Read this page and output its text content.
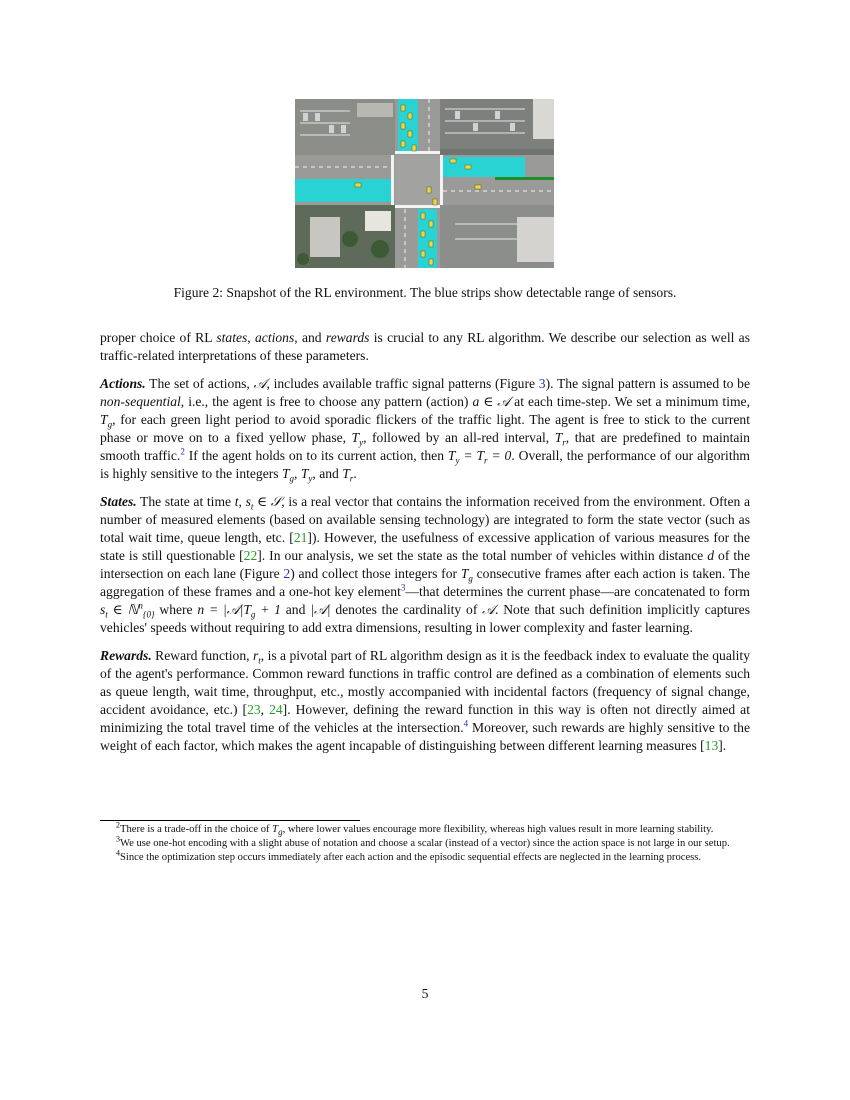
Figure 2: Snapshot of the RL environment. The blue strips show detectable range of sensors.

proper choice of RL states, actions, and rewards is crucial to any RL algorithm. We describe our selection as well as traffic-related interpretations of these parameters.

Actions. The set of actions, 𝒜, includes available traffic signal patterns (Figure 3). The signal pattern is assumed to be non-sequential, i.e., the agent is free to choose any pattern (action) a ∈ 𝒜 at each time-step. We set a minimum time, $T_g$, for each green light period to avoid sporadic flickers of the traffic light. The agent is free to stick to the current phase or move on to a fixed yellow phase, $T_y$, followed by an all-red interval, $T_r$, that are predefined to maintain smooth traffic.$^2$ If the agent holds on to its current action, then $T_y = T_r = 0$. Overall, the performance of our algorithm is highly sensitive to the integers $T_g$, $T_y$, and $T_r$.

States. The state at time t, $s_t$ ∈ 𝒮, is a real vector that contains the information received from the environment. Often a number of measured elements (based on available sensing technology) are integrated to form the state vector (such as total wait time, queue length, etc. [21]). However, the usefulness of excessive application of various measures for the state is still questionable [22]. In our analysis, we set the state as the total number of vehicles within distance d of the intersection on each lane (Figure 2) and collect those integers for $T_g$ consecutive frames after each action is taken. The aggregation of these frames and a one-hot key element$^3$—that determines the current phase—are concatenated to form $s_t$ ∈ ℕ$^n_{\{0\}}$ where $n = |𝒜|T_g + 1$ and |𝒜| denotes the cardinality of 𝒜. Note that such definition implicitly captures vehicles' speeds without requiring to add extra dimensions, resulting in lower complexity and faster learning.

Rewards. Reward function, $r_t$, is a pivotal part of RL algorithm design as it is the feedback index to evaluate the quality of the agent's performance. Common reward functions in traffic control are defined as a combination of elements such as queue length, wait time, throughput, etc., mostly accompanied with incidental factors (frequency of signal change, accident avoidance, etc.) [23, 24]. However, defining the reward function in this way is often not directly aimed at minimizing the total travel time of the vehicles at the intersection.$^4$ Moreover, such rewards are highly sensitive to the weight of each factor, which makes the agent incapable of distinguishing between different learning measures [13].

$^2$There is a trade-off in the choice of $T_g$, where lower values encourage more flexibility, whereas high values result in more learning stability.

$^3$We use one-hot encoding with a slight abuse of notation and choose a scalar (instead of a vector) since the action space is not large in our setup.

$^4$Since the optimization step occurs immediately after each action and the episodic sequential effects are neglected in the learning process.

5
